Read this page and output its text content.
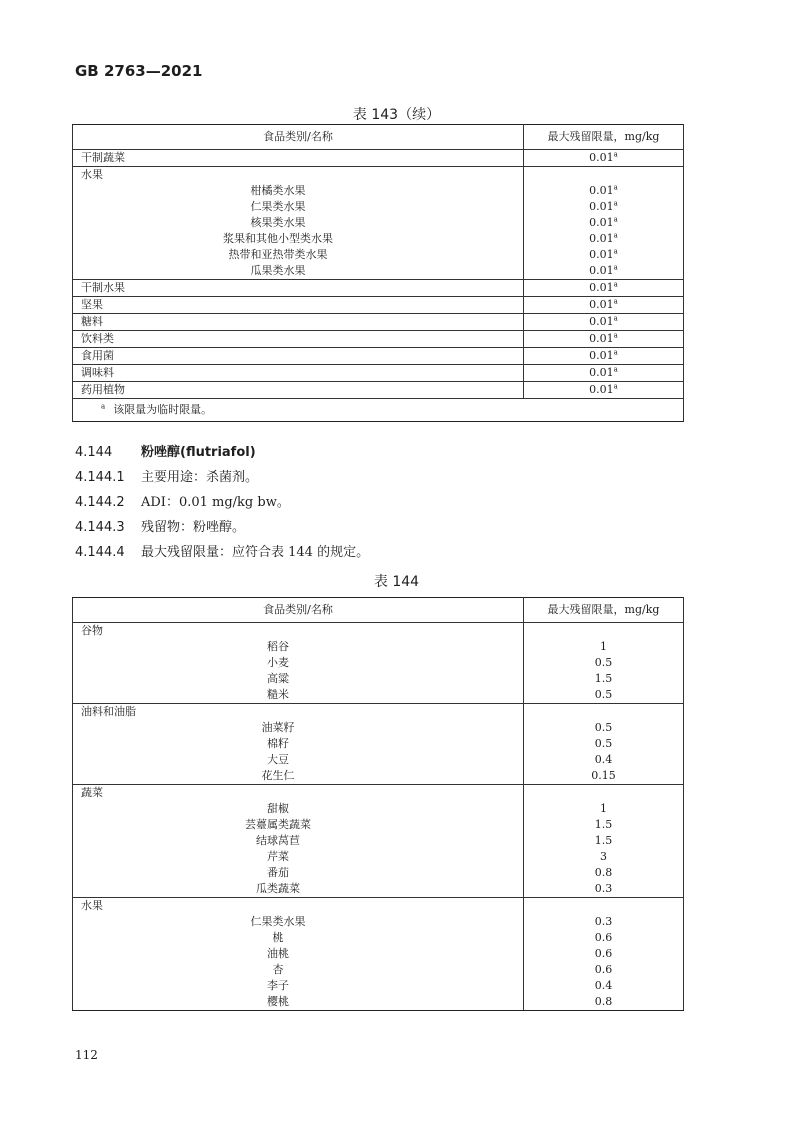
GB 2763—2021
表 143（续）
食品类别/名称	最大残留限量，mg/kg
干制蔬菜	0.01$^a$
水果	
柑橘类水果	0.01$^a$
仁果类水果	0.01$^a$
核果类水果	0.01$^a$
浆果和其他小型类水果	0.01$^a$
热带和亚热带类水果	0.01$^a$
瓜果类水果	0.01$^a$
干制水果	0.01$^a$
坚果	0.01$^a$
糖料	0.01$^a$
饮料类	0.01$^a$
食用菌	0.01$^a$
调味料	0.01$^a$
药用植物	0.01$^a$
$^a$ 该限量为临时限量。	
4.144 粉唑醇(flutriafol)
4.144.1 主要用途：杀菌剂。
4.144.2 ADI：0.01 mg/kg bw。
4.144.3 残留物：粉唑醇。
4.144.4 最大残留限量：应符合表 144 的规定。
表 144
食品类别/名称	最大残留限量，mg/kg
谷物	
稻谷	1
小麦	0.5
高粱	1.5
糙米	0.5
油料和油脂	
油菜籽	0.5
棉籽	0.5
大豆	0.4
花生仁	0.15
蔬菜	
甜椒	1
芸薹属类蔬菜	1.5
结球莴苣	1.5
芹菜	3
番茄	0.8
瓜类蔬菜	0.3
水果	
仁果类水果	0.3
桃	0.6
油桃	0.6
杏	0.6
李子	0.4
樱桃	0.8
112
